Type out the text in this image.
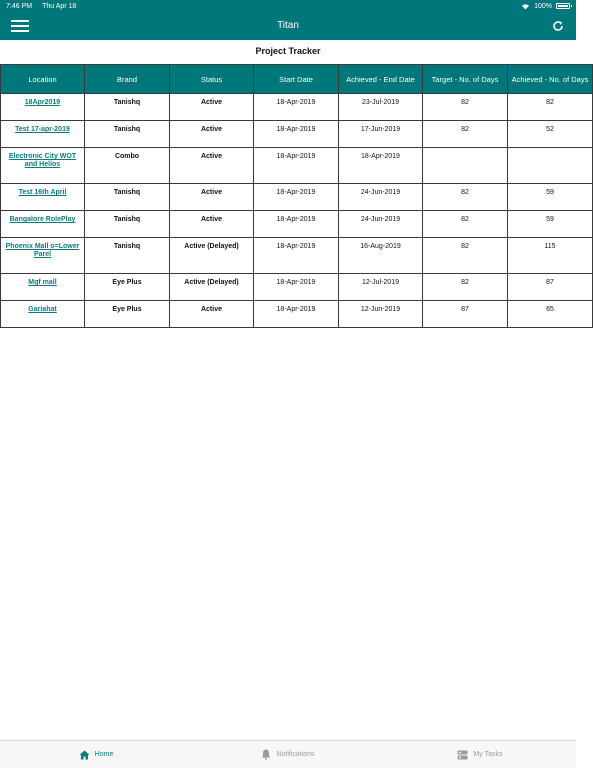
7:46 PM Thu Apr 18	100%
Titan
Project Tracker
Location	Brand	Status	Start Date	Achieved - End Date	Target - No. of Days	Achieved - No. of Days
18Apr2019	Tanishq	Active	18-Apr-2019	23-Jul-2019	82	82
Test 17-apr-2019	Tanishq	Active	18-Apr-2019	17-Jun-2019	82	52
Electronic City WOT and Helios	Combo	Active	18-Apr-2019	18-Apr-2019		
Test 16th April	Tanishq	Active	18-Apr-2019	24-Jun-2019	82	59
Bangalore RolePlay	Tanishq	Active	18-Apr-2019	24-Jun-2019	82	59
Phoenix Mall o=Lower Parel	Tanishq	Active (Delayed)	18-Apr-2019	16-Aug-2019	82	115
Mgf mall	Eye Plus	Active (Delayed)	18-Apr-2019	12-Jul-2019	82	87
Gariahat	Eye Plus	Active	18-Apr-2019	12-Jun-2019	87	65
Home	Notifications	My Tasks
